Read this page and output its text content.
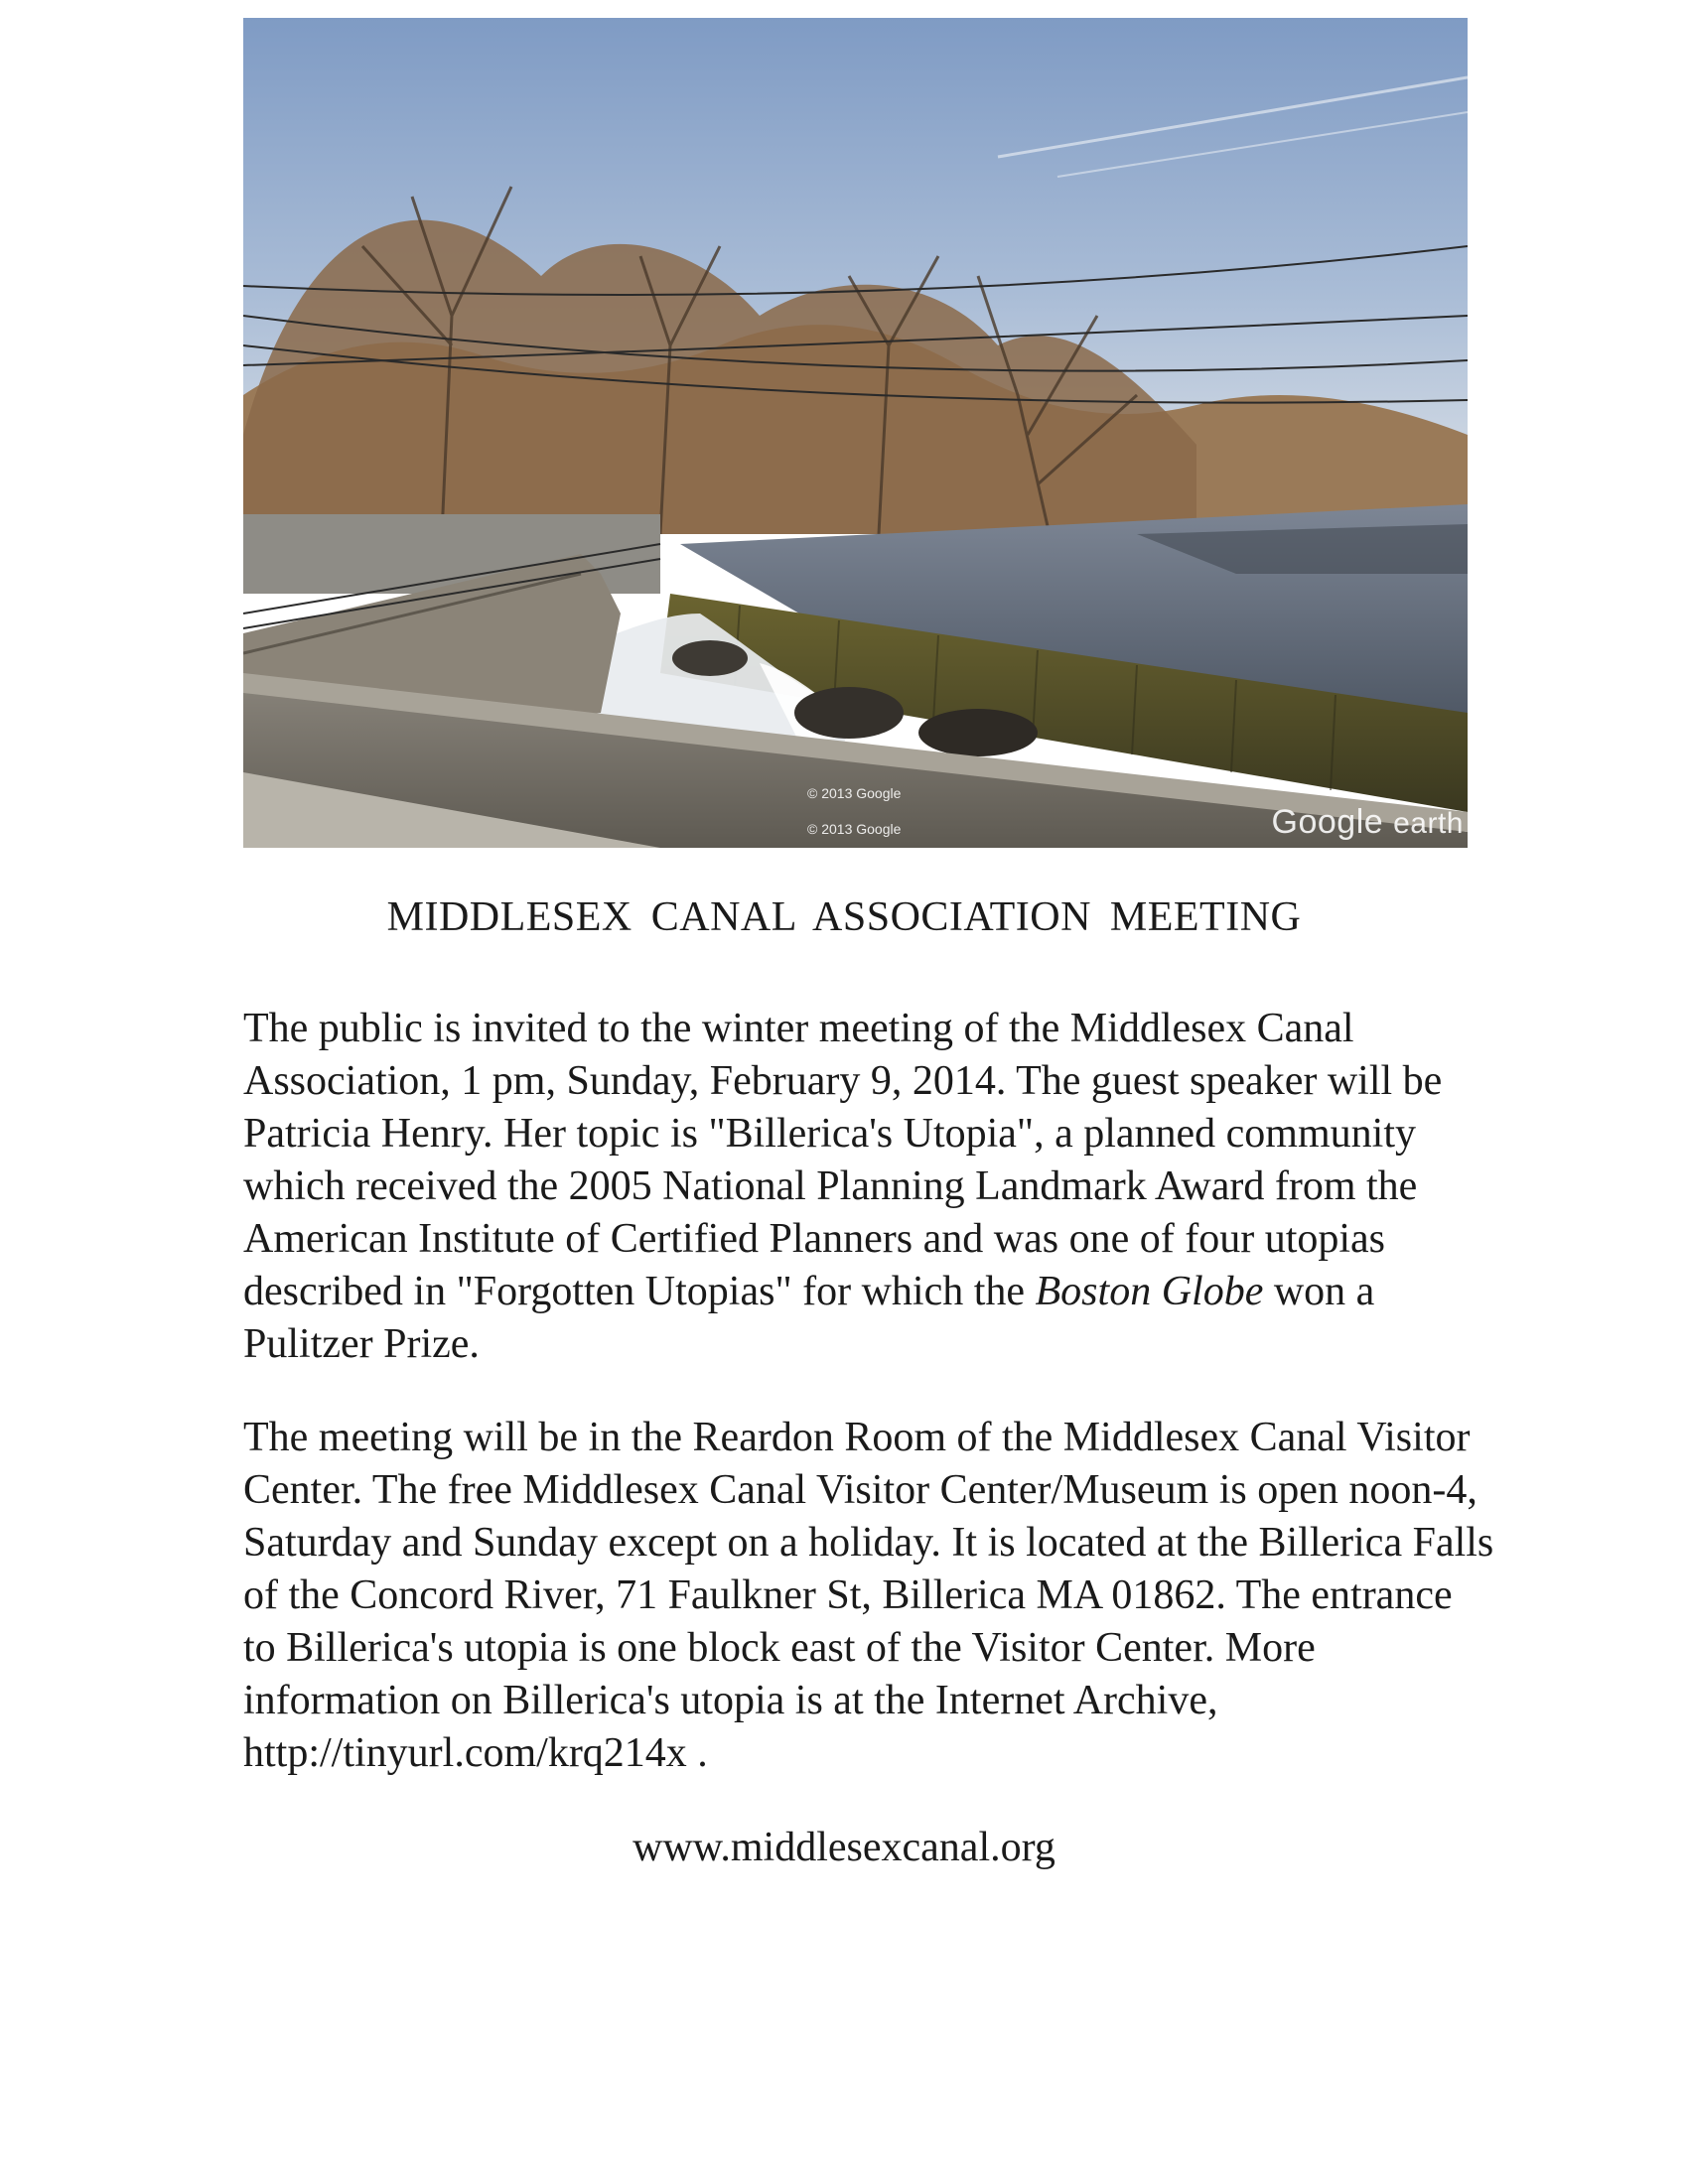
© 2013 Google
© 2013 Google	Google earth
MIDDLESEX CANAL ASSOCIATION MEETING
The public is invited to the winter meeting of the Middlesex Canal Association, 1 pm, Sunday, February 9, 2014. The guest speaker will be Patricia Henry. Her topic is "Billerica's Utopia", a planned community which received the 2005 National Planning Landmark Award from the American Institute of Certified Planners and was one of four utopias described in "Forgotten Utopias" for which the Boston Globe won a Pulitzer Prize.
The meeting will be in the Reardon Room of the Middlesex Canal Visitor Center. The free Middlesex Canal Visitor Center/Museum is open noon-4, Saturday and Sunday except on a holiday. It is located at the Billerica Falls of the Concord River, 71 Faulkner St, Billerica MA 01862. The entrance to Billerica's utopia is one block east of the Visitor Center. More information on Billerica's utopia is at the Internet Archive, http://tinyurl.com/krq214x .
www.middlesexcanal.org
